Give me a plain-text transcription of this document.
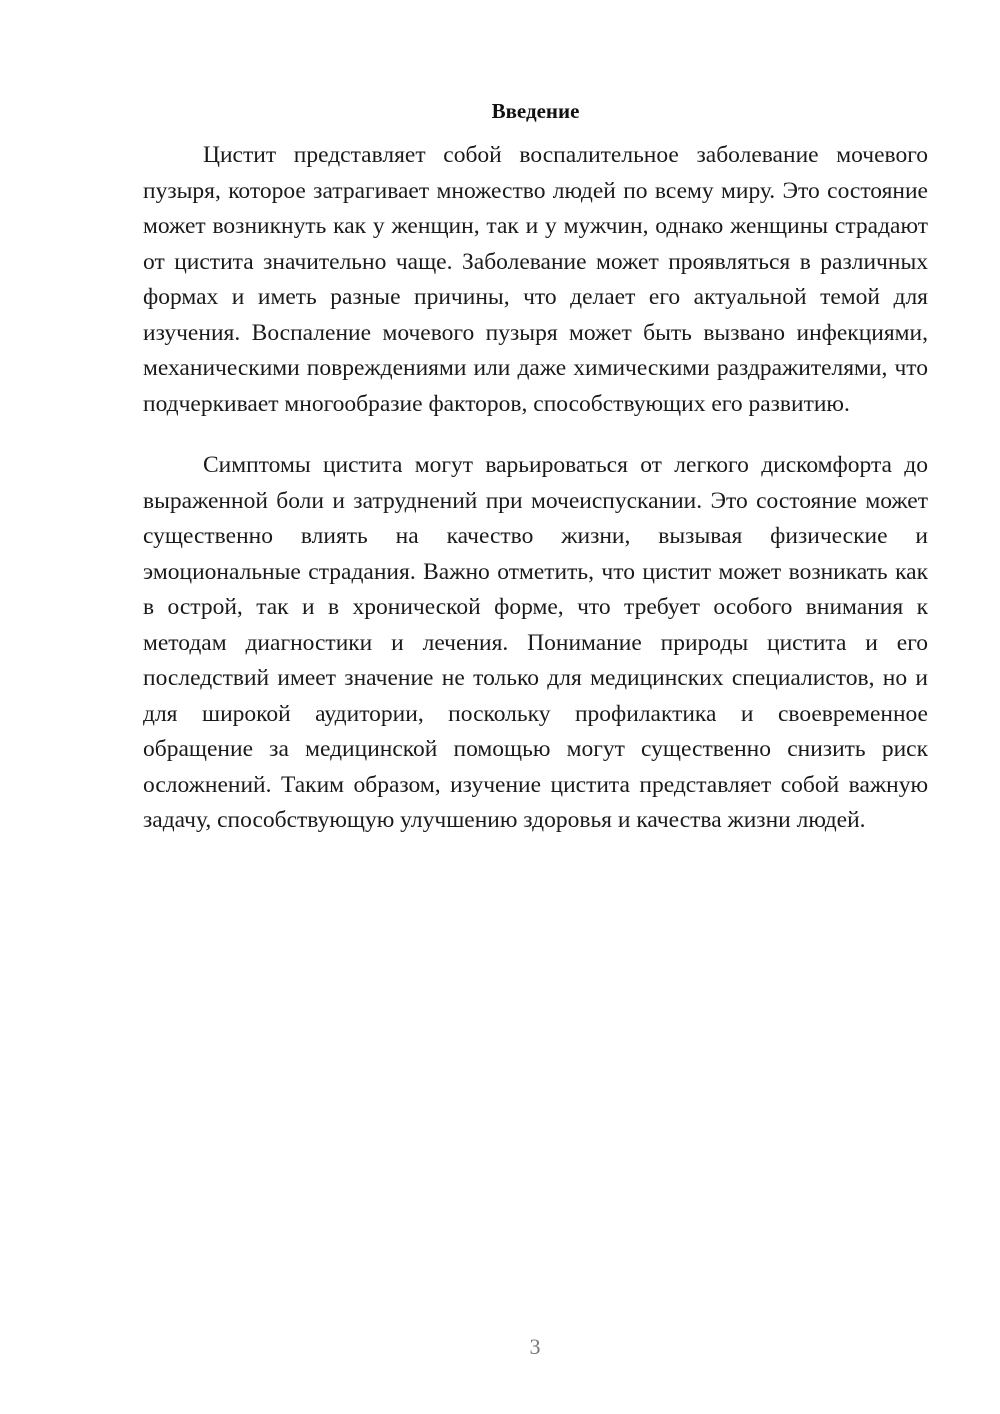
Введение

Цистит представляет собой воспалительное заболевание мочевого пузыря, которое затрагивает множество людей по всему миру. Это состояние может возникнуть как у женщин, так и у мужчин, однако женщины страдают от цистита значительно чаще. Заболевание может проявляться в различных формах и иметь разные причины, что делает его актуальной темой для изучения. Воспаление мочевого пузыря может быть вызвано инфекциями, механическими повреждениями или даже химическими раздражителями, что подчеркивает многообразие факторов, способствующих его развитию.

Симптомы цистита могут варьироваться от легкого дискомфорта до выраженной боли и затруднений при мочеиспускании. Это состояние может существенно влиять на качество жизни, вызывая физические и эмоциональные страдания. Важно отметить, что цистит может возникать как в острой, так и в хронической форме, что требует особого внимания к методам диагностики и лечения. Понимание природы цистита и его последствий имеет значение не только для медицинских специалистов, но и для широкой аудитории, поскольку профилактика и своевременное обращение за медицинской помощью могут существенно снизить риск осложнений. Таким образом, изучение цистита представляет собой важную задачу, способствующую улучшению здоровья и качества жизни людей.

3
